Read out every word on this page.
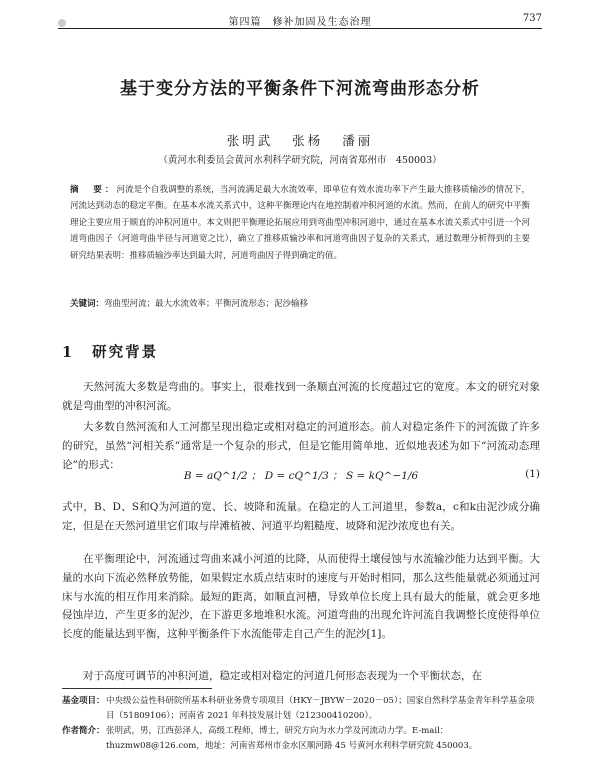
第四篇　修补加固及生态治理	737
基于变分方法的平衡条件下河流弯曲形态分析
张明武 张杨 潘丽
（黄河水利委员会黄河水利科学研究院，河南省郑州市　450003）
摘　要：河流是个自我调整的系统，当河流满足最大水流效率，即单位有效水流功率下产生最大推移质输沙的情况下，河流达到动态的稳定平衡。在基本水流关系式中，这种平衡理论内在地控制着冲积河道的水流。然而，在前人的研究中平衡理论主要应用于顺直的冲积河道中。本文则把平衡理论拓展应用到弯曲型冲积河道中，通过在基本水流关系式中引进一个河道弯曲因子（河道弯曲半径与河道宽之比），确立了推移质输沙率和河道弯曲因子复杂的关系式，通过数理分析得到的主要研究结果表明：推移质输沙率达到最大时，河道弯曲因子得到确定的值。
关键词：弯曲型河流；最大水流效率；平衡河流形态；泥沙输移
1 研究背景

天然河流大多数是弯曲的。事实上，很难找到一条顺直河流的长度超过它的宽度。本文的研究对象就是弯曲型的冲积河流。

大多数自然河流和人工河都呈现出稳定或相对稳定的河道形态。前人对稳定条件下的河流做了许多的研究，虽然“河相关系”通常是一个复杂的形式，但是它能用简单地、近似地表述为如下“河流动态理论”的形式：

B = aQ^1/2 ； D = cQ^1/3 ； S = kQ^−1/6	(1)

式中，B、D、S和Q为河道的宽、长、坡降和流量。在稳定的人工河道里，参数a，c和k由泥沙成分确定，但是在天然河道里它们取与岸滩植被、河道平均粗糙度、坡降和泥沙浓度也有关。

在平衡理论中，河流通过弯曲来减小河道的比降，从而使得土壤侵蚀与水流输沙能力达到平衡。大量的水向下流必然释放势能，如果假定水质点结束时的速度与开始时相同，那么这些能量就必须通过河床与水流的相互作用来消除。最短的距离，如顺直河槽，导致单位长度上具有最大的能量，就会更多地侵蚀岸边，产生更多的泥沙，在下游更多地堆积水流。河道弯曲的出现允许河流自我调整长度使得单位长度的能量达到平衡，这种平衡条件下水流能带走自己产生的泥沙[1]。

对于高度可调节的冲积河道，稳定或相对稳定的河道几何形态表现为一个平衡状态，在

基金项目： 中央级公益性科研院所基本科研业务费专项项目（HKY－JBYW－2020－05）；国家自然科学基金青年科学基金项目（51809106）；河南省 2021 年科技发展计划（212300410200）。
作者简介： 张明武，男，江西彭泽人，高级工程师，博士，研究方向为水力学及河流动力学。E-mail：thuzmw08@126.com，地址：河南省郑州市金水区顺河路 45 号黄河水利科学研究院 450003。
